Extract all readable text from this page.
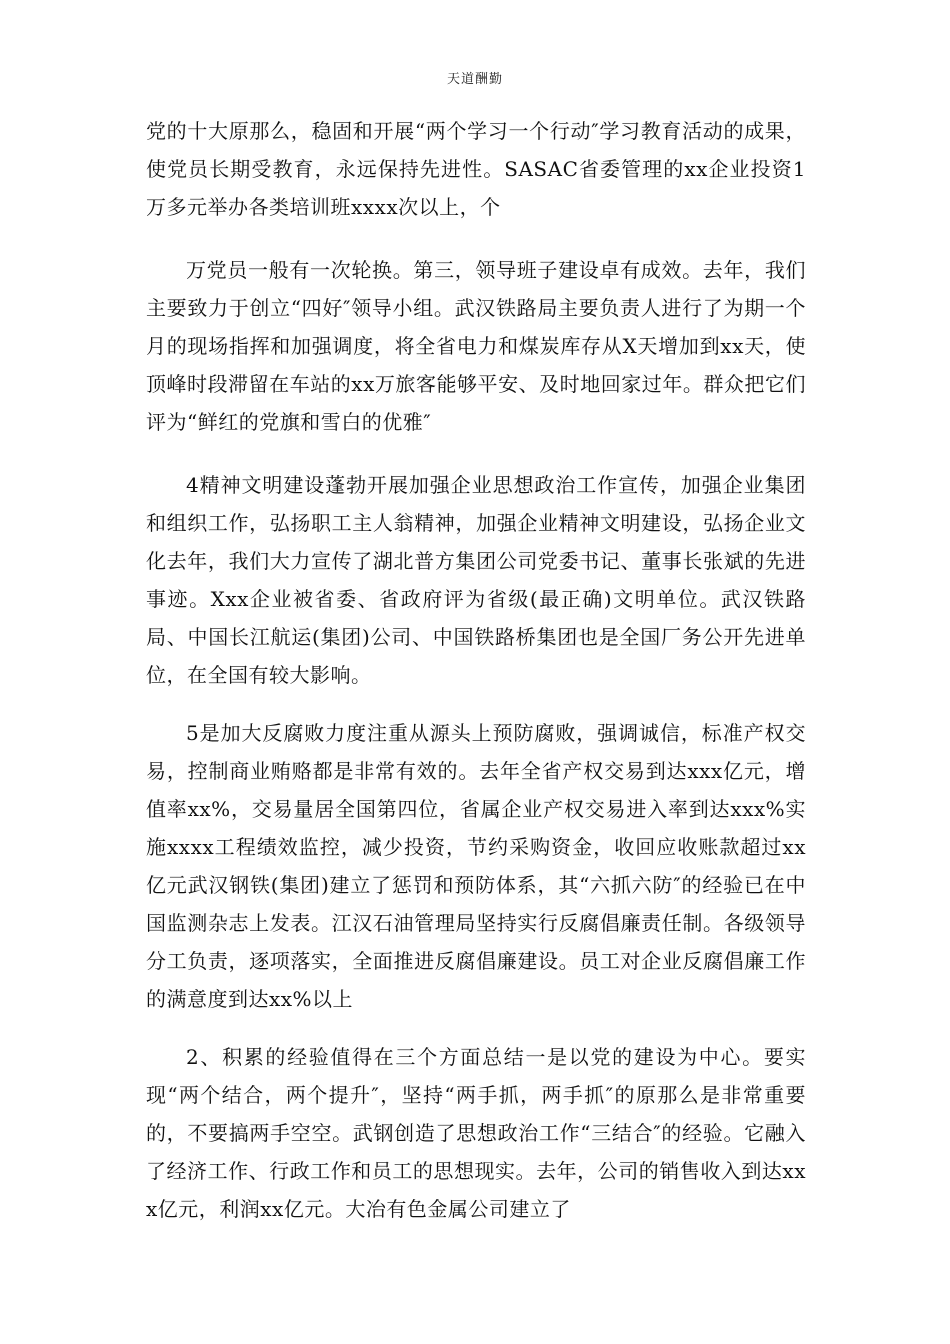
天道酬勤

党的十大原那么，稳固和开展“两个学习一个行动″学习教育活动的成果，使党员长期受教育，永远保持先进性。SASAC省委管理的xx企业投资1万多元举办各类培训班xxxx次以上，个

万党员一般有一次轮换。第三，领导班子建设卓有成效。去年，我们主要致力于创立“四好″领导小组。武汉铁路局主要负责人进行了为期一个月的现场指挥和加强调度，将全省电力和煤炭库存从X天增加到xx天，使顶峰时段滞留在车站的xx万旅客能够平安、及时地回家过年。群众把它们评为“鲜红的党旗和雪白的优雅″

4精神文明建设蓬勃开展加强企业思想政治工作宣传，加强企业集团和组织工作，弘扬职工主人翁精神，加强企业精神文明建设，弘扬企业文化去年，我们大力宣传了湖北普方集团公司党委书记、董事长张斌的先进事迹。Xxx企业被省委、省政府评为省级(最正确)文明单位。武汉铁路局、中国长江航运(集团)公司、中国铁路桥集团也是全国厂务公开先进单位，在全国有较大影响。

5是加大反腐败力度注重从源头上预防腐败，强调诚信，标准产权交易，控制商业贿赂都是非常有效的。去年全省产权交易到达xxx亿元，增值率xx%，交易量居全国第四位，省属企业产权交易进入率到达xxx%实施xxxx工程绩效监控，减少投资，节约采购资金，收回应收账款超过xx亿元武汉钢铁(集团)建立了惩罚和预防体系，其“六抓六防″的经验已在中国监测杂志上发表。江汉石油管理局坚持实行反腐倡廉责任制。各级领导分工负责，逐项落实，全面推进反腐倡廉建设。员工对企业反腐倡廉工作的满意度到达xx%以上

2、积累的经验值得在三个方面总结一是以党的建设为中心。要实现“两个结合，两个提升″，坚持“两手抓，两手抓″的原那么是非常重要的，不要搞两手空空。武钢创造了思想政治工作“三结合″的经验。它融入了经济工作、行政工作和员工的思想现实。去年，公司的销售收入到达xxx亿元，利润xx亿元。大冶有色金属公司建立了
